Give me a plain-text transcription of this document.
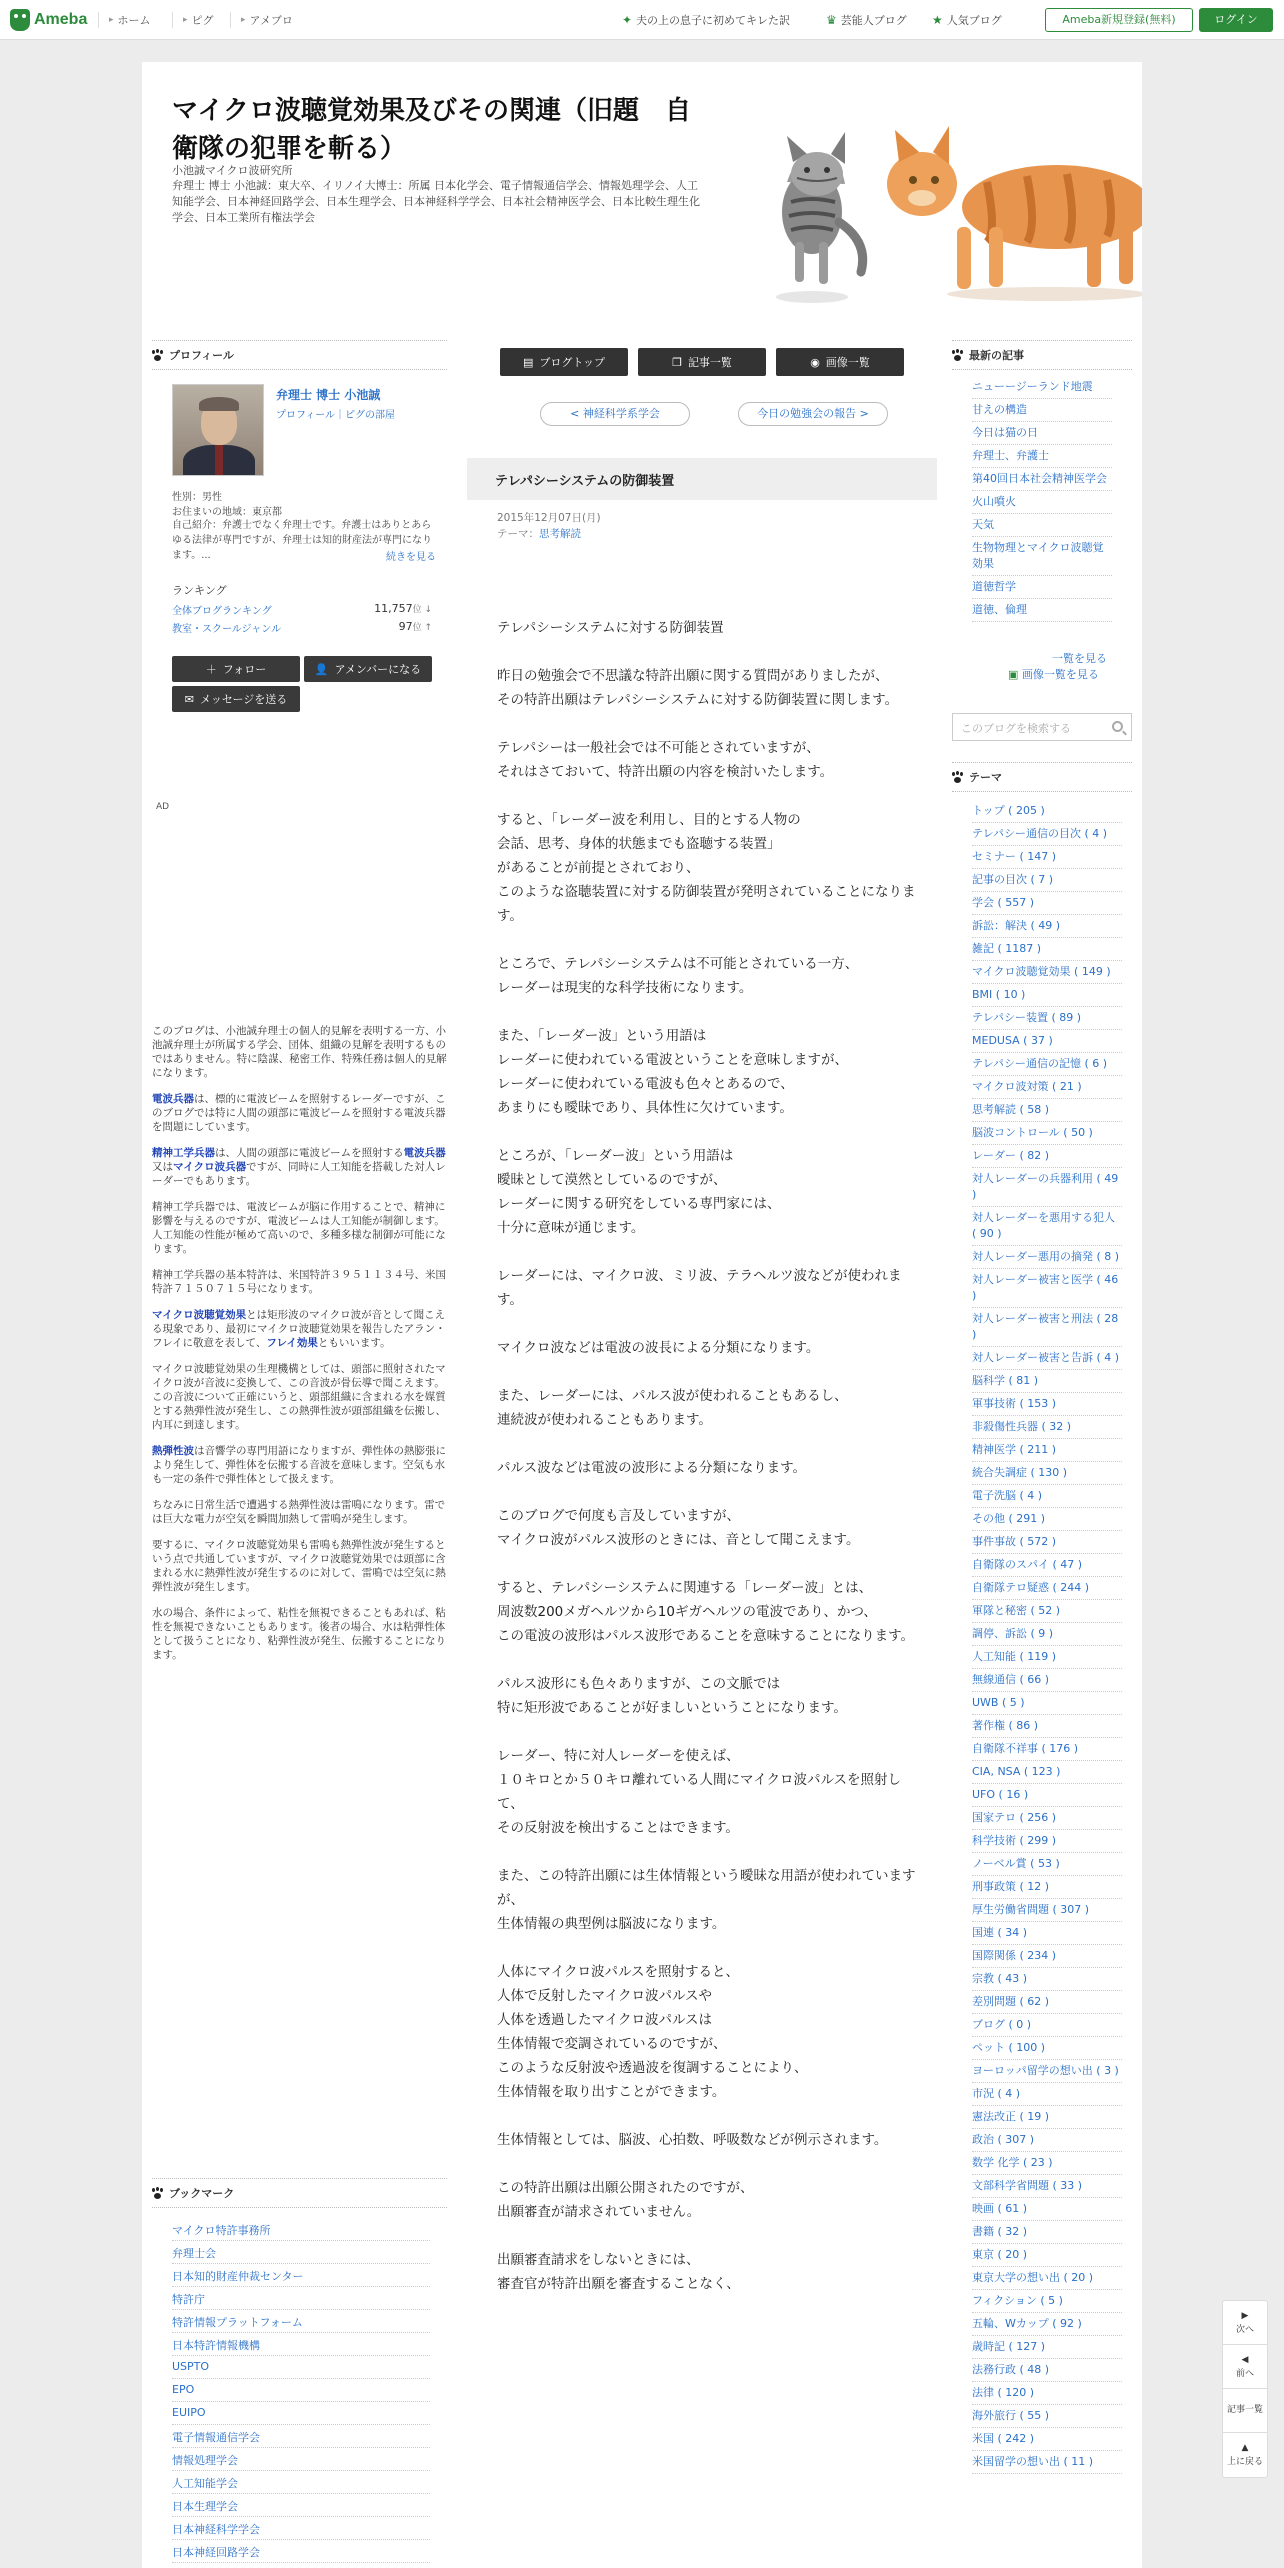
Ameba ▸ ホーム	▸ ピグ	▸ アメブロ	✦ 夫の上の息子に初めてキレた訳	♛ 芸能人ブログ ★ 人気ブログ	Ameba新規登録(無料)	ログイン
マイクロ波聴覚効果及びその関連（旧題　自衛隊の犯罪を斬る）
小池誠マイクロ波研究所
弁理士 博士 小池誠：東大卒、イリノイ大博士：所属 日本化学会、電子情報通信学会、情報処理学会、人工知能学会、日本神経回路学会、日本生理学会、日本神経科学学会、日本社会精神医学会、日本比較生理生化学会、日本工業所有権法学会
プロフィール
弁理士 博士 小池誠
プロフィール｜ピグの部屋
性別：男性
お住まいの地域：東京都
自己紹介：弁護士でなく弁理士です。弁護士はありとあらゆる法律が専門ですが、弁理士は知的財産法が専門になります。...	続きを見る
ランキング
全体ブログランキング	11,757位 ↓
教室・スクールジャンル	97位 ↑
＋ フォロー	👤 アメンバーになる
✉ メッセージを送る
AD

このブログは、小池誠弁理士の個人的見解を表明する一方、小池誠弁理士が所属する学会、団体、組織の見解を表明するものではありません。特に陰謀、秘密工作、特殊任務は個人的見解になります。

電波兵器は、標的に電波ビームを照射するレーダーですが、このブログでは特に人間の頭部に電波ビームを照射する電波兵器を問題にしています。

精神工学兵器は、人間の頭部に電波ビームを照射する電波兵器又はマイクロ波兵器ですが、同時に人工知能を搭載した対人レーダーでもあります。

精神工学兵器では、電波ビームが脳に作用することで、精神に影響を与えるのですが、電波ビームは人工知能が制御します。人工知能の性能が極めて高いので、多種多様な制御が可能になります。

精神工学兵器の基本特許は、米国特許３９５１１３４号、米国特許７１５０７１５号になります。

マイクロ波聴覚効果とは矩形波のマイクロ波が音として聞こえる現象であり、最初にマイクロ波聴覚効果を報告したアラン・フレイに敬意を表して、フレイ効果ともいいます。

マイクロ波聴覚効果の生理機構としては、頭部に照射されたマイクロ波が音波に変換して、この音波が骨伝導で聞こえます。この音波について正確にいうと、頭部組織に含まれる水を媒質とする熱弾性波が発生し、この熱弾性波が頭部組織を伝搬し、内耳に到達します。

熱弾性波は音響学の専門用語になりますが、弾性体の熱膨張により発生して、弾性体を伝搬する音波を意味します。空気も水も一定の条件で弾性体として扱えます。

ちなみに日常生活で遭遇する熱弾性波は雷鳴になります。雷では巨大な電力が空気を瞬間加熱して雷鳴が発生します。

要するに、マイクロ波聴覚効果も雷鳴も熱弾性波が発生するという点で共通していますが、マイクロ波聴覚効果では頭部に含まれる水に熱弾性波が発生するのに対して、雷鳴では空気に熱弾性波が発生します。

水の場合、条件によって、粘性を無視できることもあれば、粘性を無視できないこともあります。後者の場合、水は粘弾性体として扱うことになり、粘弾性波が発生、伝搬することになります。

ブックマーク
マイクロ特許事務所
弁理士会
日本知的財産仲裁センター
特許庁
特許情報プラットフォーム
日本特許情報機構
USPTO
EPO
EUIPO
電子情報通信学会
情報処理学会
人工知能学会
日本生理学会
日本神経科学学会
日本神経回路学会
▤ ブログトップ	❐ 記事一覧	◉ 画像一覧
< 神経科学系学会	今日の勉強会の報告 >
テレパシーシステムの防御装置
2015年12月07日(月)
テーマ：思考解読
テレパシーシステムに対する防御装置

昨日の勉強会で不思議な特許出願に関する質問がありましたが、
その特許出願はテレパシーシステムに対する防御装置に関します。

テレパシーは一般社会では不可能とされていますが、
それはさておいて、特許出願の内容を検討いたします。

すると、「レーダー波を利用し、目的とする人物の
会話、思考、身体的状態までも盗聴する装置」
があることが前提とされており、
このような盗聴装置に対する防御装置が発明されていることになります。

ところで、テレパシーシステムは不可能とされている一方、
レーダーは現実的な科学技術になります。

また、「レーダー波」という用語は
レーダーに使われている電波ということを意味しますが、
レーダーに使われている電波も色々とあるので、
あまりにも曖昧であり、具体性に欠けています。

ところが、「レーダー波」という用語は
曖昧として漠然としているのですが、
レーダーに関する研究をしている専門家には、
十分に意味が通じます。

レーダーには、マイクロ波、ミリ波、テラヘルツ波などが使われます。

マイクロ波などは電波の波長による分類になります。

また、レーダーには、パルス波が使われることもあるし、
連続波が使われることもあります。

パルス波などは電波の波形による分類になります。

このブログで何度も言及していますが、
マイクロ波がパルス波形のときには、音として聞こえます。

すると、テレパシーシステムに関連する「レーダー波」とは、
周波数200メガヘルツから10ギガヘルツの電波であり、かつ、
この電波の波形はパルス波形であることを意味することになります。

パルス波形にも色々ありますが、この文脈では
特に矩形波であることが好ましいということになります。

レーダー、特に対人レーダーを使えば、
１０キロとか５０キロ離れている人間にマイクロ波パルスを照射して、
その反射波を検出することはできます。

また、この特許出願には生体情報という曖昧な用語が使われていますが、
生体情報の典型例は脳波になります。

人体にマイクロ波パルスを照射すると、
人体で反射したマイクロ波パルスや
人体を透過したマイクロ波パルスは
生体情報で変調されているのですが、
このような反射波や透過波を復調することにより、
生体情報を取り出すことができます。

生体情報としては、脳波、心拍数、呼吸数などが例示されます。

この特許出願は出願公開されたのですが、
出願審査が請求されていません。

出願審査請求をしないときには、
審査官が特許出願を審査することなく、
最新の記事
ニューージーランド地震
甘えの構造
今日は猫の日
弁理士、弁護士
第40回日本社会精神医学会
火山噴火
天気
生物物理とマイクロ波聴覚効果
道徳哲学
道徳、倫理
一覧を見る
▣ 画像一覧を見る
このブログを検索する
テーマ
トップ ( 205 )
テレパシー通信の目次 ( 4 )
セミナー ( 147 )
記事の目次 ( 7 )
学会 ( 557 )
訴訟：解決 ( 49 )
雑記 ( 1187 )
マイクロ波聴覚効果 ( 149 )
BMI ( 10 )
テレパシー装置 ( 89 )
MEDUSA ( 37 )
テレパシー通信の記憶 ( 6 )
マイクロ波対策 ( 21 )
思考解読 ( 58 )
脳波コントロール ( 50 )
レーダー ( 82 )
対人レーダーの兵器利用 ( 49 )
対人レーダーを悪用する犯人 ( 90 )
対人レーダー悪用の摘発 ( 8 )
対人レーダー被害と医学 ( 46 )
対人レーダー被害と刑法 ( 28 )
対人レーダー被害と告訴 ( 4 )
脳科学 ( 81 )
軍事技術 ( 153 )
非殺傷性兵器 ( 32 )
精神医学 ( 211 )
統合失調症 ( 130 )
電子洗脳 ( 4 )
その他 ( 291 )
事件事故 ( 572 )
自衛隊のスパイ ( 47 )
自衛隊テロ疑惑 ( 244 )
軍隊と秘密 ( 52 )
調停、訴訟 ( 9 )
人工知能 ( 119 )
無線通信 ( 66 )
UWB ( 5 )
著作権 ( 86 )
自衛隊不祥事 ( 176 )
CIA, NSA ( 123 )
UFO ( 16 )
国家テロ ( 256 )
科学技術 ( 299 )
ノーベル賞 ( 53 )
刑事政策 ( 12 )
厚生労働省問題 ( 307 )
国連 ( 34 )
国際関係 ( 234 )
宗教 ( 43 )
差別問題 ( 62 )
ブログ ( 0 )
ペット ( 100 )
ヨーロッパ留学の想い出 ( 3 )
市況 ( 4 )
憲法改正 ( 19 )
政治 ( 307 )
数学 化学 ( 23 )
文部科学省問題 ( 33 )
映画 ( 61 )
書籍 ( 32 )
東京 ( 20 )
東京大学の想い出 ( 20 )
フィクション ( 5 )
五輪、Wカップ ( 92 )
歳時記 ( 127 )
法務行政 ( 48 )
法律 ( 120 )
海外旅行 ( 55 )
米国 ( 242 )
米国留学の想い出 ( 11 )
▶
次へ
◀
前へ
記事一覧
▲
上に戻る
